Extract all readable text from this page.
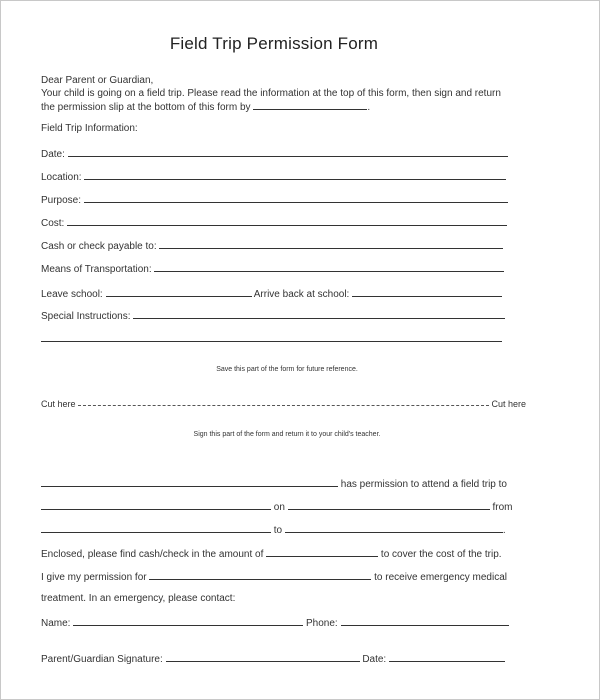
Field Trip Permission Form
Dear Parent or Guardian,
Your child is going on a field trip. Please read the information at the top of this form, then sign and return
the permission slip at the bottom of this form by	.
Field Trip Information:
Date:
Location:
Purpose:
Cost:
Cash or check payable to:
Means of Transportation:
Leave school:	Arrive back at school:
Special Instructions:
Save this part of the form for future reference.
Cut here	Cut here
Sign this part of the form and return it to your child's teacher.
has permission to attend a field trip to
on	from
to	.
Enclosed, please find cash/check in the amount of	to cover the cost of the trip.
I give my permission for	to receive emergency medical
treatment. In an emergency, please contact:
Name:	Phone:
Parent/Guardian Signature:	Date:
